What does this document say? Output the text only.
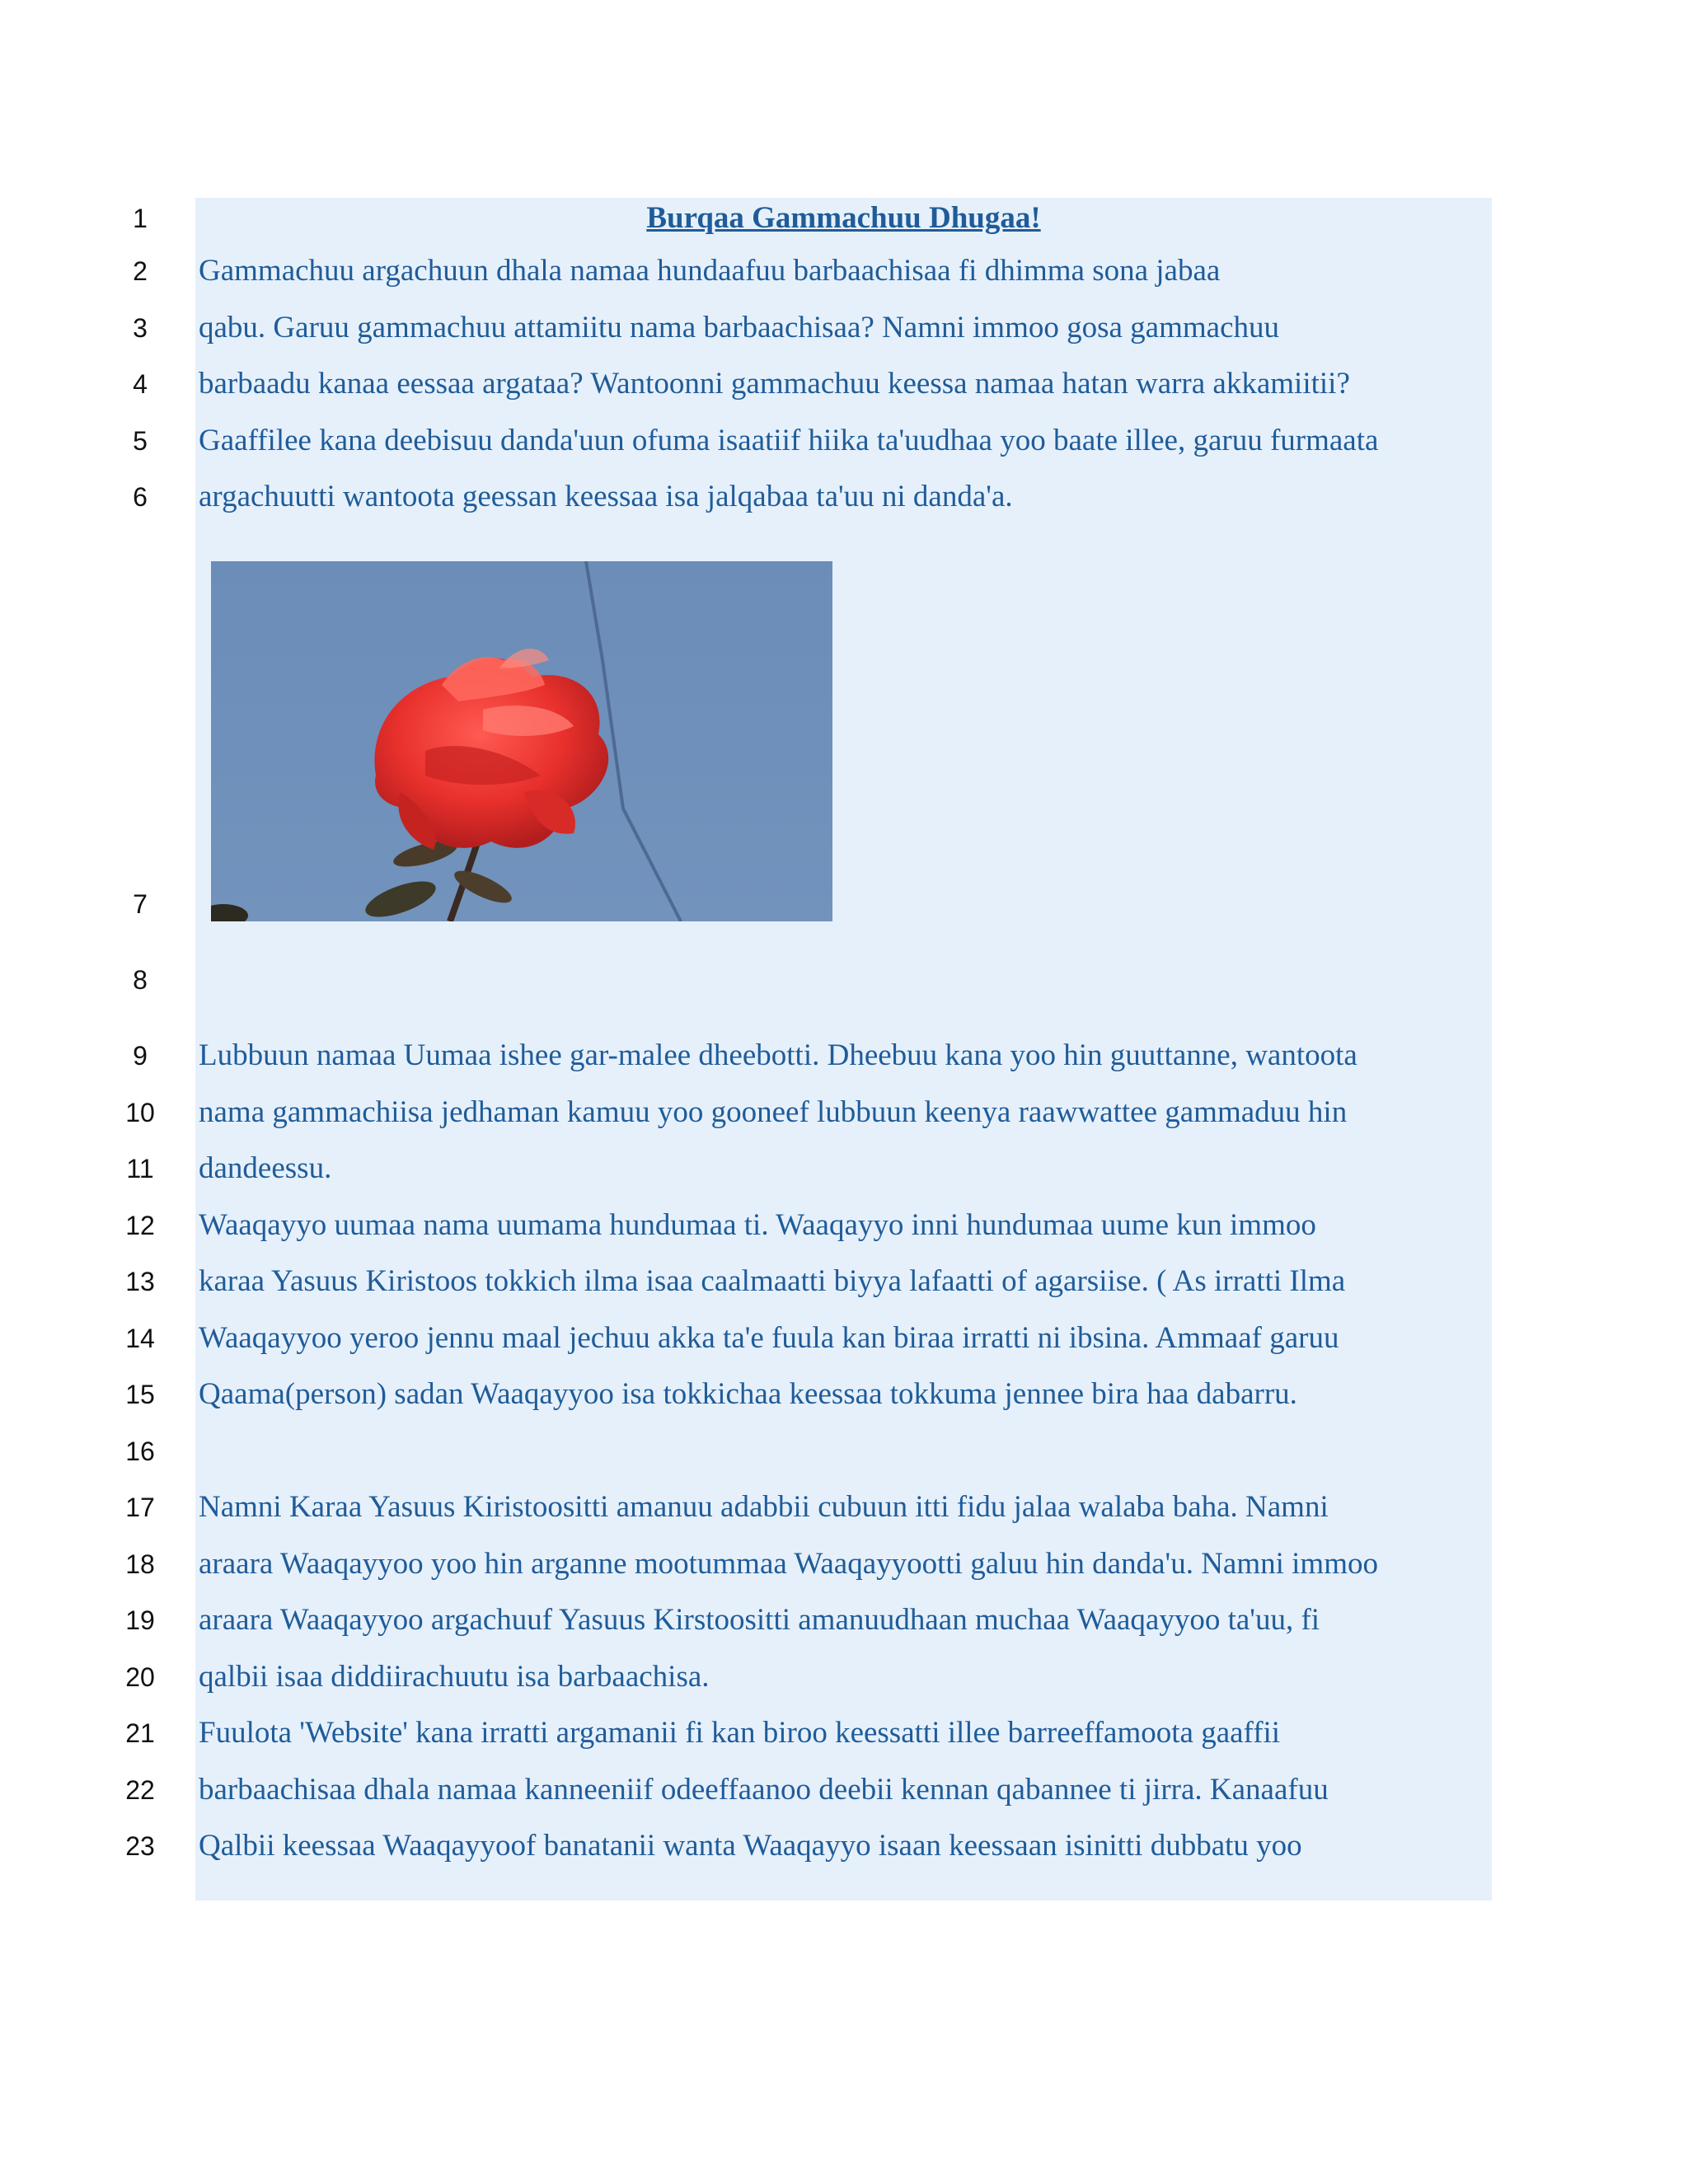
Burqaa Gammachuu Dhugaa!
1
2	Gammachuu argachuun dhala namaa hundaafuu barbaachisaa fi dhimma sona jabaa
3	qabu. Garuu gammachuu attamiitu nama barbaachisaa? Namni immoo gosa gammachuu
4	barbaadu kanaa eessaa argataa? Wantoonni gammachuu keessa namaa hatan warra akkamiitii?
5	Gaaffilee kana deebisuu danda'uun ofuma isaatiif hiika ta'uudhaa yoo baate illee, garuu furmaata
6	argachuutti wantoota geessan keessaa isa jalqabaa ta'uu ni danda'a.
7
8
9	Lubbuun namaa Uumaa ishee gar-malee dheebotti. Dheebuu kana yoo hin guuttanne, wantoota
10	nama gammachiisa jedhaman kamuu yoo gooneef lubbuun keenya raawwattee gammaduu hin
11	dandeessu.
12	Waaqayyo uumaa nama uumama hundumaa ti. Waaqayyo inni hundumaa uume kun immoo
13	karaa Yasuus Kiristoos tokkich ilma isaa caalmaatti biyya lafaatti of agarsiise. ( As irratti Ilma
14	Waaqayyoo yeroo jennu maal jechuu akka ta'e fuula kan biraa irratti ni ibsina. Ammaaf garuu
15	Qaama(person) sadan Waaqayyoo isa tokkichaa keessaa tokkuma jennee bira haa dabarru.
16
17	Namni Karaa Yasuus Kiristoositti amanuu adabbii cubuun itti fidu jalaa walaba baha. Namni
18	araara Waaqayyoo yoo hin arganne mootummaa Waaqayyootti galuu hin danda'u. Namni immoo
19	araara Waaqayyoo argachuuf Yasuus Kirstoositti amanuudhaan muchaa Waaqayyoo ta'uu, fi
20	qalbii isaa diddiirachuutu isa barbaachisa.
21	Fuulota 'Website' kana irratti argamanii fi kan biroo keessatti illee barreeffamoota gaaffii
22	barbaachisaa dhala namaa kanneeniif odeeffaanoo deebii kennan qabannee ti jirra. Kanaafuu
23	Qalbii keessaa Waaqayyoof banatanii wanta Waaqayyo isaan keessaan isinitti dubbatu yoo
